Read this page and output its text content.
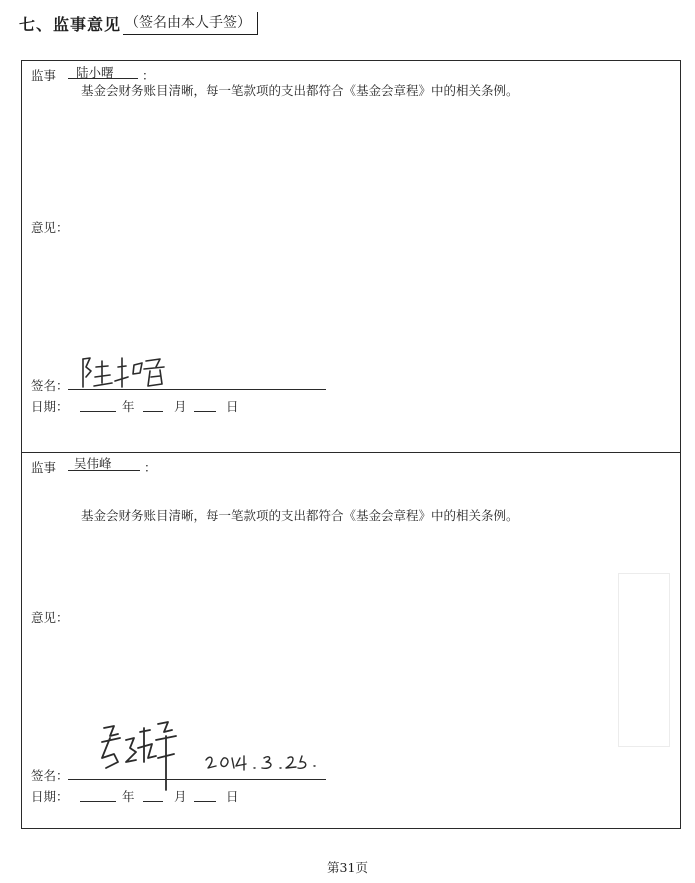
七、监事意见 （签名由本人手签）
监事 陆小曙 ：
基金会财务账目清晰，每一笔款项的支出都符合《基金会章程》中的相关条例。
意见：
签名：
日期：	年	月	日
监事 吴伟峰	：
基金会财务账目清晰，每一笔款项的支出都符合《基金会章程》中的相关条例。
意见：
签名：
日期：	年	月	日
第31页
